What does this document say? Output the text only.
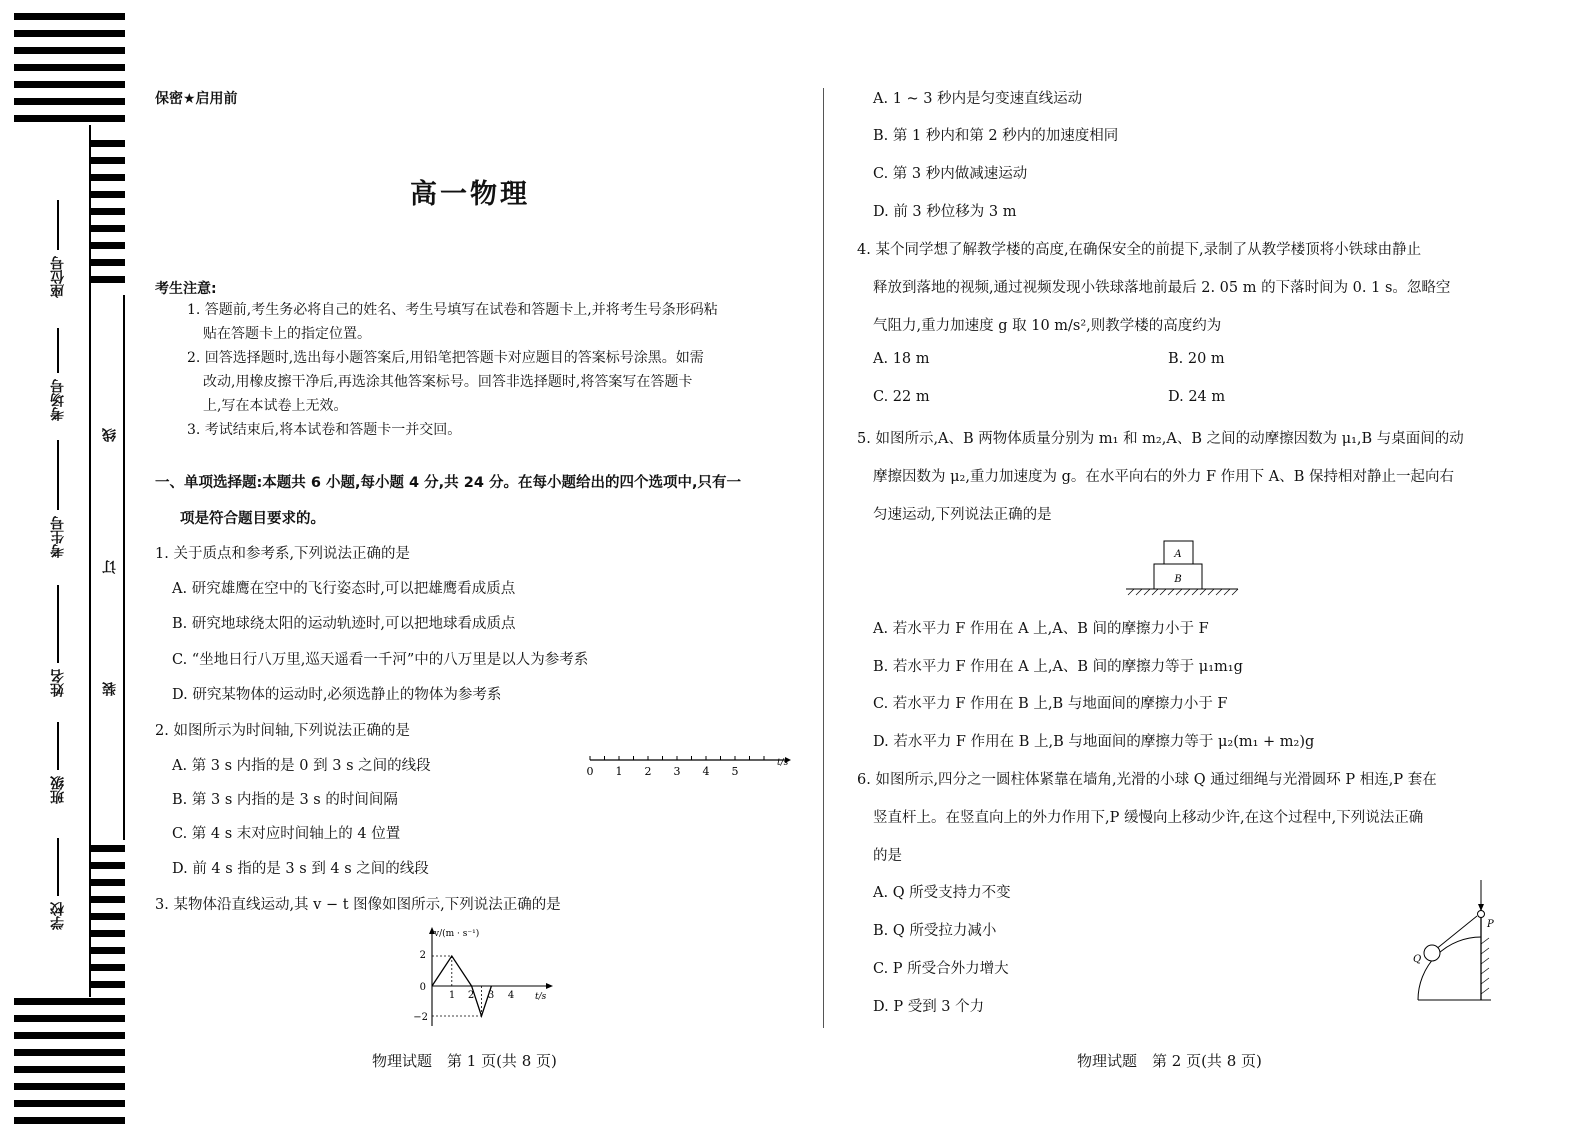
座位号
考场号
考生号
姓名
班级
学校
线
订
装
保密★启用前
高一物理
考生注意:
1. 答题前,考生务必将自己的姓名、考生号填写在试卷和答题卡上,并将考生号条形码粘
贴在答题卡上的指定位置。
2. 回答选择题时,选出每小题答案后,用铅笔把答题卡对应题目的答案标号涂黑。如需
改动,用橡皮擦干净后,再选涂其他答案标号。回答非选择题时,将答案写在答题卡
上,写在本试卷上无效。
3. 考试结束后,将本试卷和答题卡一并交回。
一、单项选择题:本题共 6 小题,每小题 4 分,共 24 分。在每小题给出的四个选项中,只有一
项是符合题目要求的。
1. 关于质点和参考系,下列说法正确的是
A. 研究雄鹰在空中的飞行姿态时,可以把雄鹰看成质点
B. 研究地球绕太阳的运动轨迹时,可以把地球看成质点
C. “坐地日行八万里,巡天遥看一千河”中的八万里是以人为参考系
D. 研究某物体的运动时,必须选静止的物体为参考系
2. 如图所示为时间轴,下列说法正确的是
A. 第 3 s 内指的是 0 到 3 s 之间的线段
B. 第 3 s 内指的是 3 s 的时间间隔
C. 第 4 s 末对应时间轴上的 4 位置
D. 前 4 s 指的是 3 s 到 4 s 之间的线段
0 1 2 3 4 5
t/s
3. 某物体沿直线运动,其 v − t 图像如图所示,下列说法正确的是
v/(m · s⁻¹)
t/s
2
0
−2
1 2 3 4
物理试题　第 1 页(共 8 页)
A. 1 ~ 3 秒内是匀变速直线运动
B. 第 1 秒内和第 2 秒内的加速度相同
C. 第 3 秒内做减速运动
D. 前 3 秒位移为 3 m
4. 某个同学想了解教学楼的高度,在确保安全的前提下,录制了从教学楼顶将小铁球由静止
释放到落地的视频,通过视频发现小铁球落地前最后 2. 05 m 的下落时间为 0. 1 s。忽略空
气阻力,重力加速度 g 取 10 m/s²,则教学楼的高度约为
A. 18 m	B. 20 m
C. 22 m	D. 24 m
5. 如图所示,A、B 两物体质量分别为 m₁ 和 m₂,A、B 之间的动摩擦因数为 μ₁,B 与桌面间的动
摩擦因数为 μ₂,重力加速度为 g。在水平向右的外力 F 作用下 A、B 保持相对静止一起向右
匀速运动,下列说法正确的是
A
B
A. 若水平力 F 作用在 A 上,A、B 间的摩擦力小于 F
B. 若水平力 F 作用在 A 上,A、B 间的摩擦力等于 μ₁m₁g
C. 若水平力 F 作用在 B 上,B 与地面间的摩擦力小于 F
D. 若水平力 F 作用在 B 上,B 与地面间的摩擦力等于 μ₂(m₁ + m₂)g
6. 如图所示,四分之一圆柱体紧靠在墙角,光滑的小球 Q 通过细绳与光滑圆环 P 相连,P 套在
竖直杆上。在竖直向上的外力作用下,P 缓慢向上移动少许,在这个过程中,下列说法正确
的是
A. Q 所受支持力不变
B. Q 所受拉力减小
C. P 所受合外力增大
D. P 受到 3 个力
P
Q
物理试题　第 2 页(共 8 页)
